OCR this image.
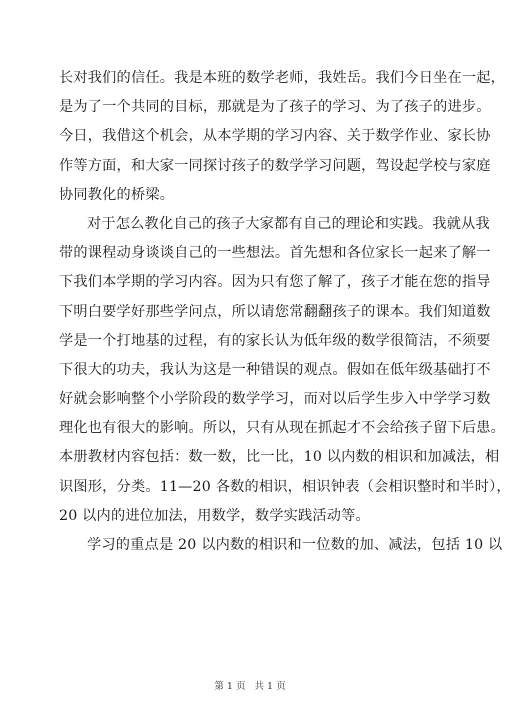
长对我们的信任。我是本班的数学老师，我姓岳。我们今日坐在一起，
是为了一个共同的目标，那就是为了孩子的学习、为了孩子的进步。
今日，我借这个机会，从本学期的学习内容、关于数学作业、家长协
作等方面，和大家一同探讨孩子的数学学习问题，驾设起学校与家庭
协同教化的桥梁。
对于怎么教化自己的孩子大家都有自己的理论和实践。我就从我
带的课程动身谈谈自己的一些想法。首先想和各位家长一起来了解一
下我们本学期的学习内容。因为只有您了解了，孩子才能在您的指导
下明白要学好那些学问点，所以请您常翻翻孩子的课本。我们知道数
学是一个打地基的过程，有的家长认为低年级的数学很简洁，不须要
下很大的功夫，我认为这是一种错误的观点。假如在低年级基础打不
好就会影响整个小学阶段的数学学习，而对以后学生步入中学学习数
理化也有很大的影响。所以，只有从现在抓起才不会给孩子留下后患。
本册教材内容包括：数一数，比一比，10 以内数的相识和加减法，相
识图形，分类。11—20 各数的相识，相识钟表（会相识整时和半时），
20 以内的进位加法，用数学，数学实践活动等。
学习的重点是 20 以内数的相识和一位数的加、减法，包括 10 以
第 1 页 共 1 页
